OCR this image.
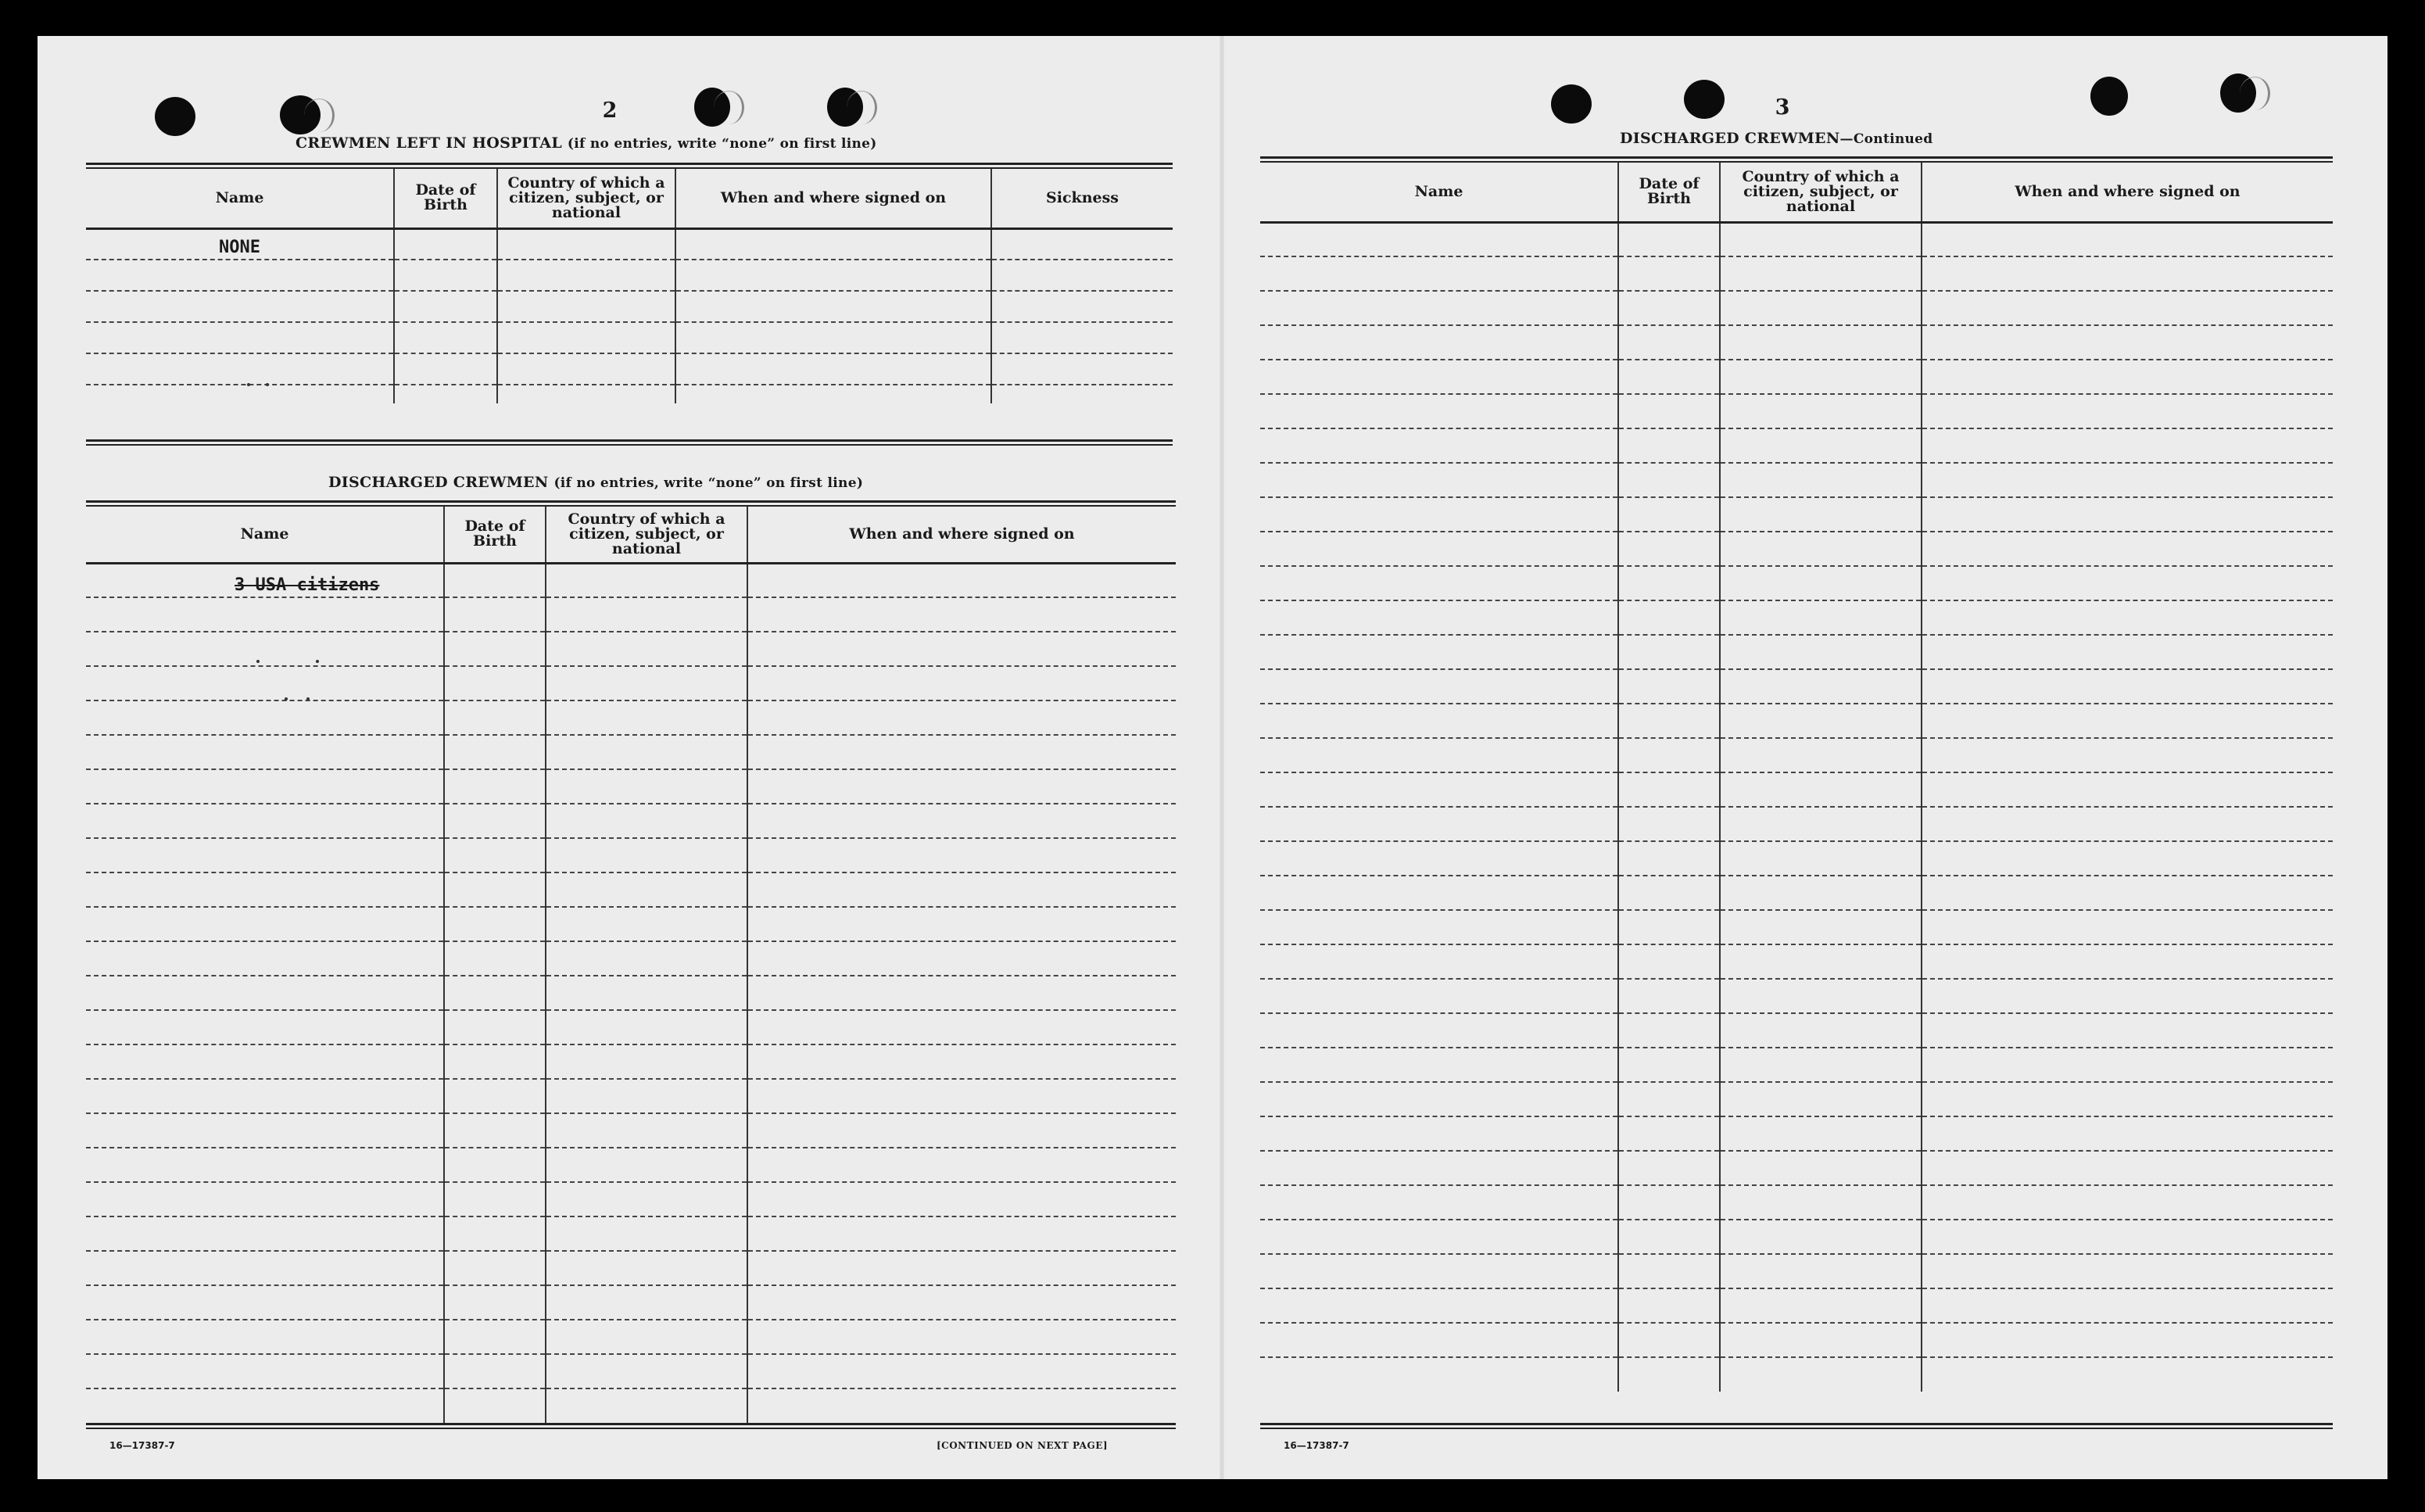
2
CREWMEN LEFT IN HOSPITAL (if no entries, write “none” on first line)
Name	Date of Birth	Country of which a citizen, subject, or national	When and where signed on	Sickness
NONE				

DISCHARGED CREWMEN (if no entries, write “none” on first line)
Name	Date of Birth	Country of which a citizen, subject, or national	When and where signed on
3 USA citizens			

16—17387-7	[CONTINUED ON NEXT PAGE]
3
DISCHARGED CREWMEN—Continued
Name	Date of Birth	Country of which a citizen, subject, or national	When and where signed on

16—17387-7
